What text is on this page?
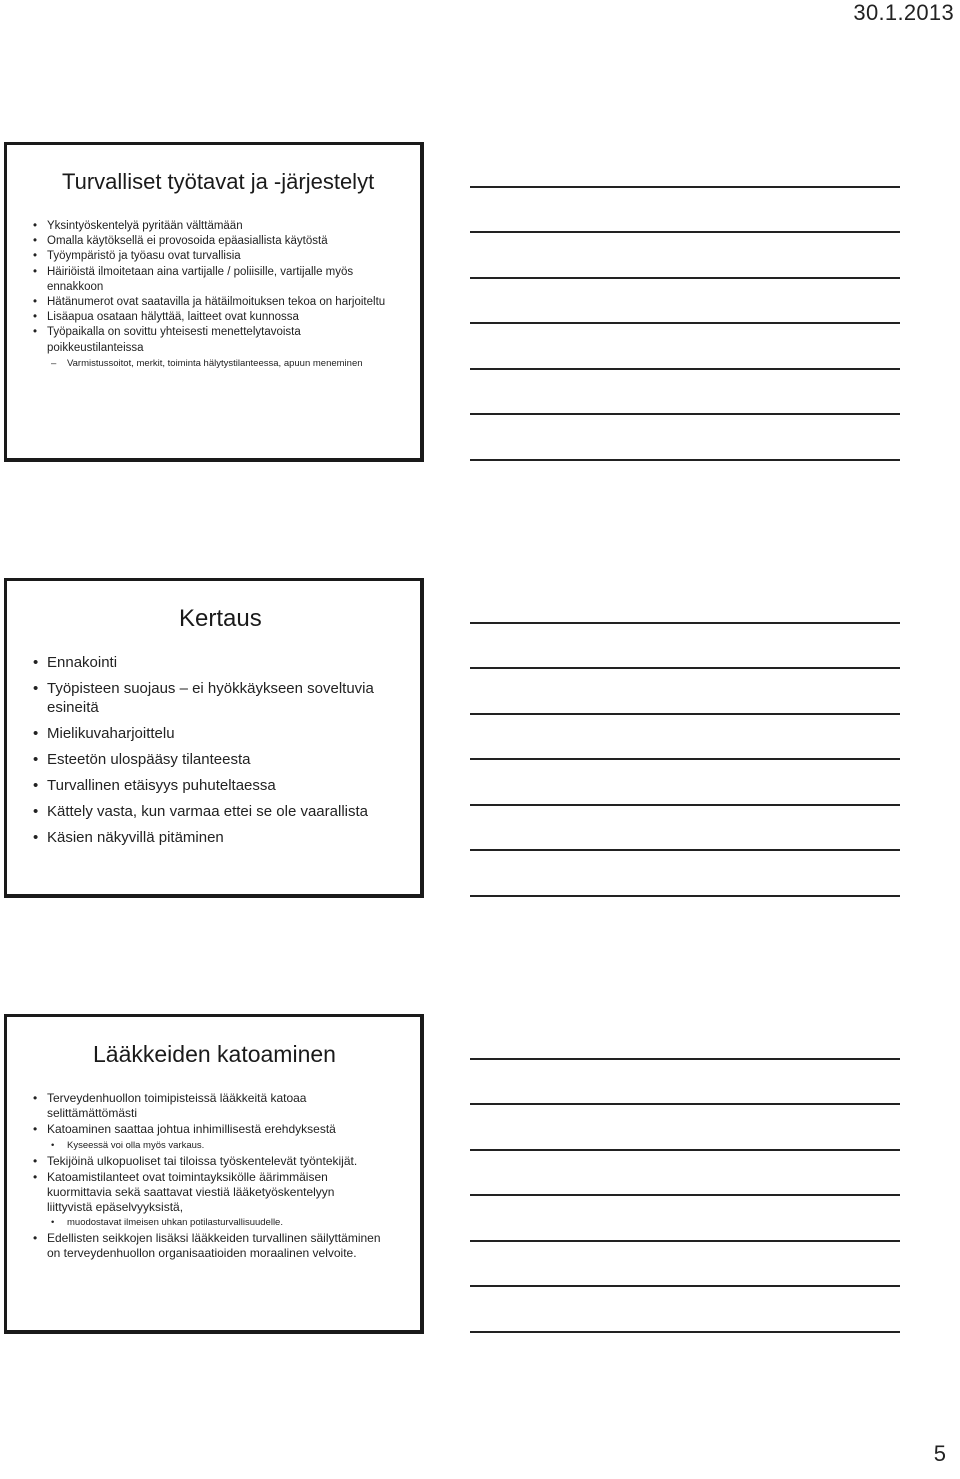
30.1.2013
Turvalliset työtavat ja -järjestelyt
• Yksintyöskentelyä pyritään välttämään
• Omalla käytöksellä ei provosoida epäasiallista käytöstä
• Työympäristö ja työasu ovat turvallisia
• Häiriöistä ilmoitetaan aina vartijalle / poliisille, vartijalle myös ennakkoon
• Hätänumerot ovat saatavilla ja hätäilmoituksen tekoa on harjoiteltu
• Lisäapua osataan hälyttää, laitteet ovat kunnossa
• Työpaikalla on sovittu yhteisesti menettelytavoista poikkeustilanteissa
– Varmistussoitot, merkit, toiminta hälytystilanteessa, apuun meneminen
Kertaus
• Ennakointi
• Työpisteen suojaus – ei hyökkäykseen soveltuvia esineitä
• Mielikuvaharjoittelu
• Esteetön ulospääsy tilanteesta
• Turvallinen etäisyys puhuteltaessa
• Kättely vasta, kun varmaa ettei se ole vaarallista
• Käsien näkyvillä pitäminen
Lääkkeiden katoaminen
• Terveydenhuollon toimipisteissä lääkkeitä katoaa selittämättömästi
• Katoaminen saattaa johtua inhimillisestä erehdyksestä
• Kyseessä voi olla myös varkaus.
• Tekijöinä ulkopuoliset tai tiloissa työskentelevät työntekijät.
• Katoamistilanteet ovat toimintayksikölle äärimmäisen kuormittavia sekä saattavat viestiä lääketyöskentelyyn liittyvistä epäselvyyksistä,
• muodostavat ilmeisen uhkan potilasturvallisuudelle.
• Edellisten seikkojen lisäksi lääkkeiden turvallinen säilyttäminen on terveydenhuollon organisaatioiden moraalinen velvoite.
5
